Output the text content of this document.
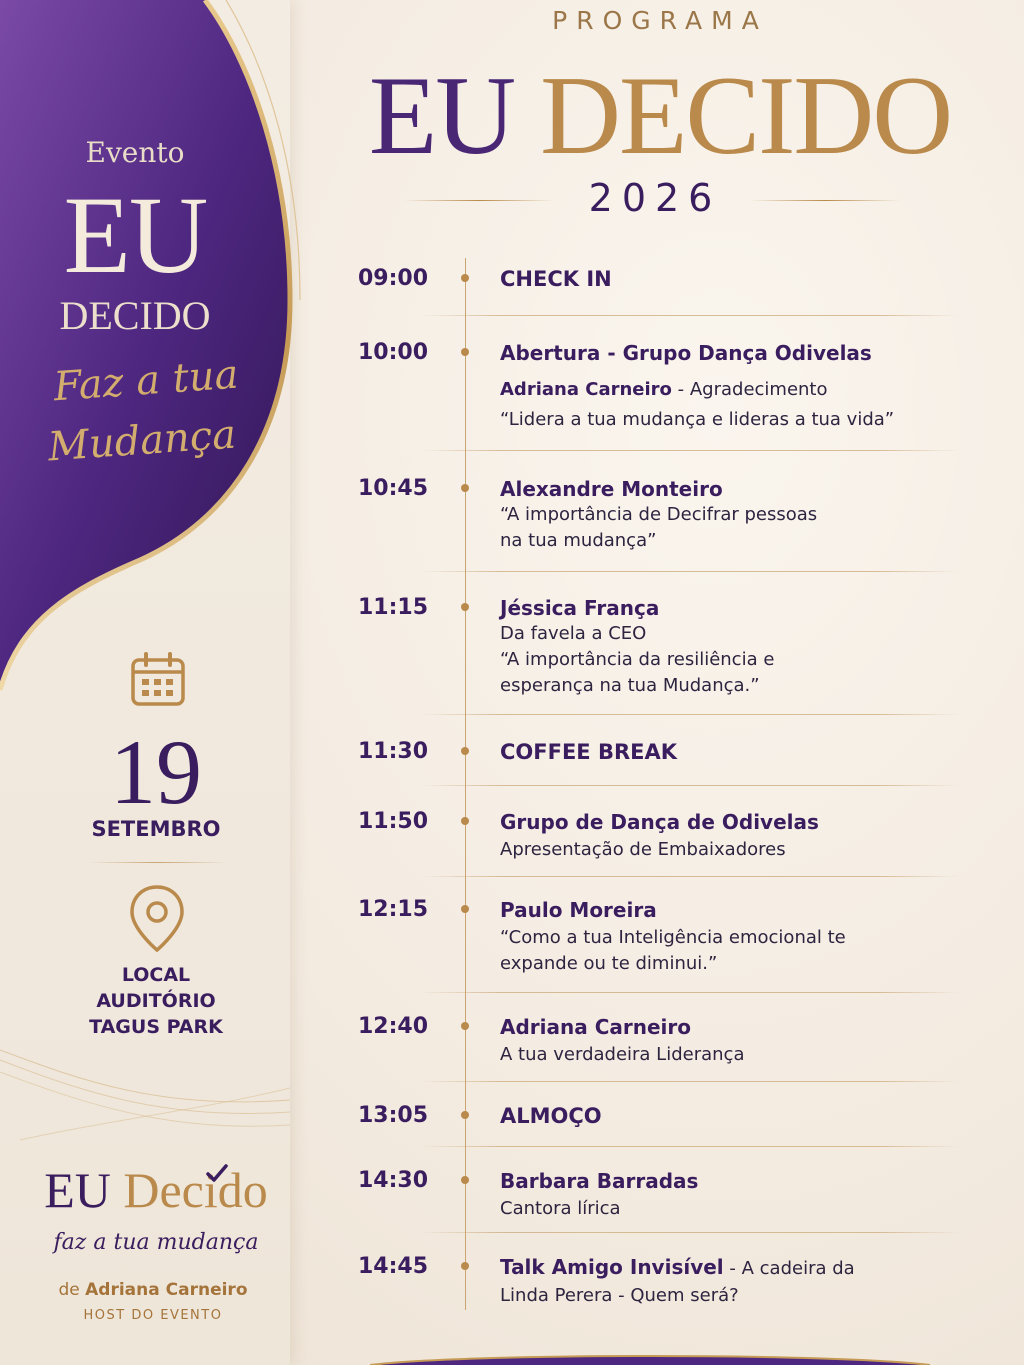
Evento
EU
DECIDO
Faz a tua
Mudança
19
SETEMBRO
LOCAL
AUDITÓRIO
TAGUS PARK
EU Decido
faz a tua mudança
de Adriana Carneiro
HOST DO EVENTO
PROGRAMA
EU DECIDO
2026
09:00	CHECK IN
10:00	Abertura - Grupo Dança Odivelas
Adriana Carneiro - Agradecimento
“Lidera a tua mudança e lideras a tua vida”
10:45	Alexandre Monteiro
“A importância de Decifrar pessoas
na tua mudança”
11:15	Jéssica França
Da favela a CEO
“A importância da resiliência e
esperança na tua Mudança.”
11:30	COFFEE BREAK
11:50	Grupo de Dança de Odivelas
Apresentação de Embaixadores
12:15	Paulo Moreira
“Como a tua Inteligência emocional te
expande ou te diminui.”
12:40	Adriana Carneiro
A tua verdadeira Liderança
13:05	ALMOÇO
14:30	Barbara Barradas
Cantora lírica
14:45	Talk Amigo Invisível - A cadeira da
Linda Perera - Quem será?
